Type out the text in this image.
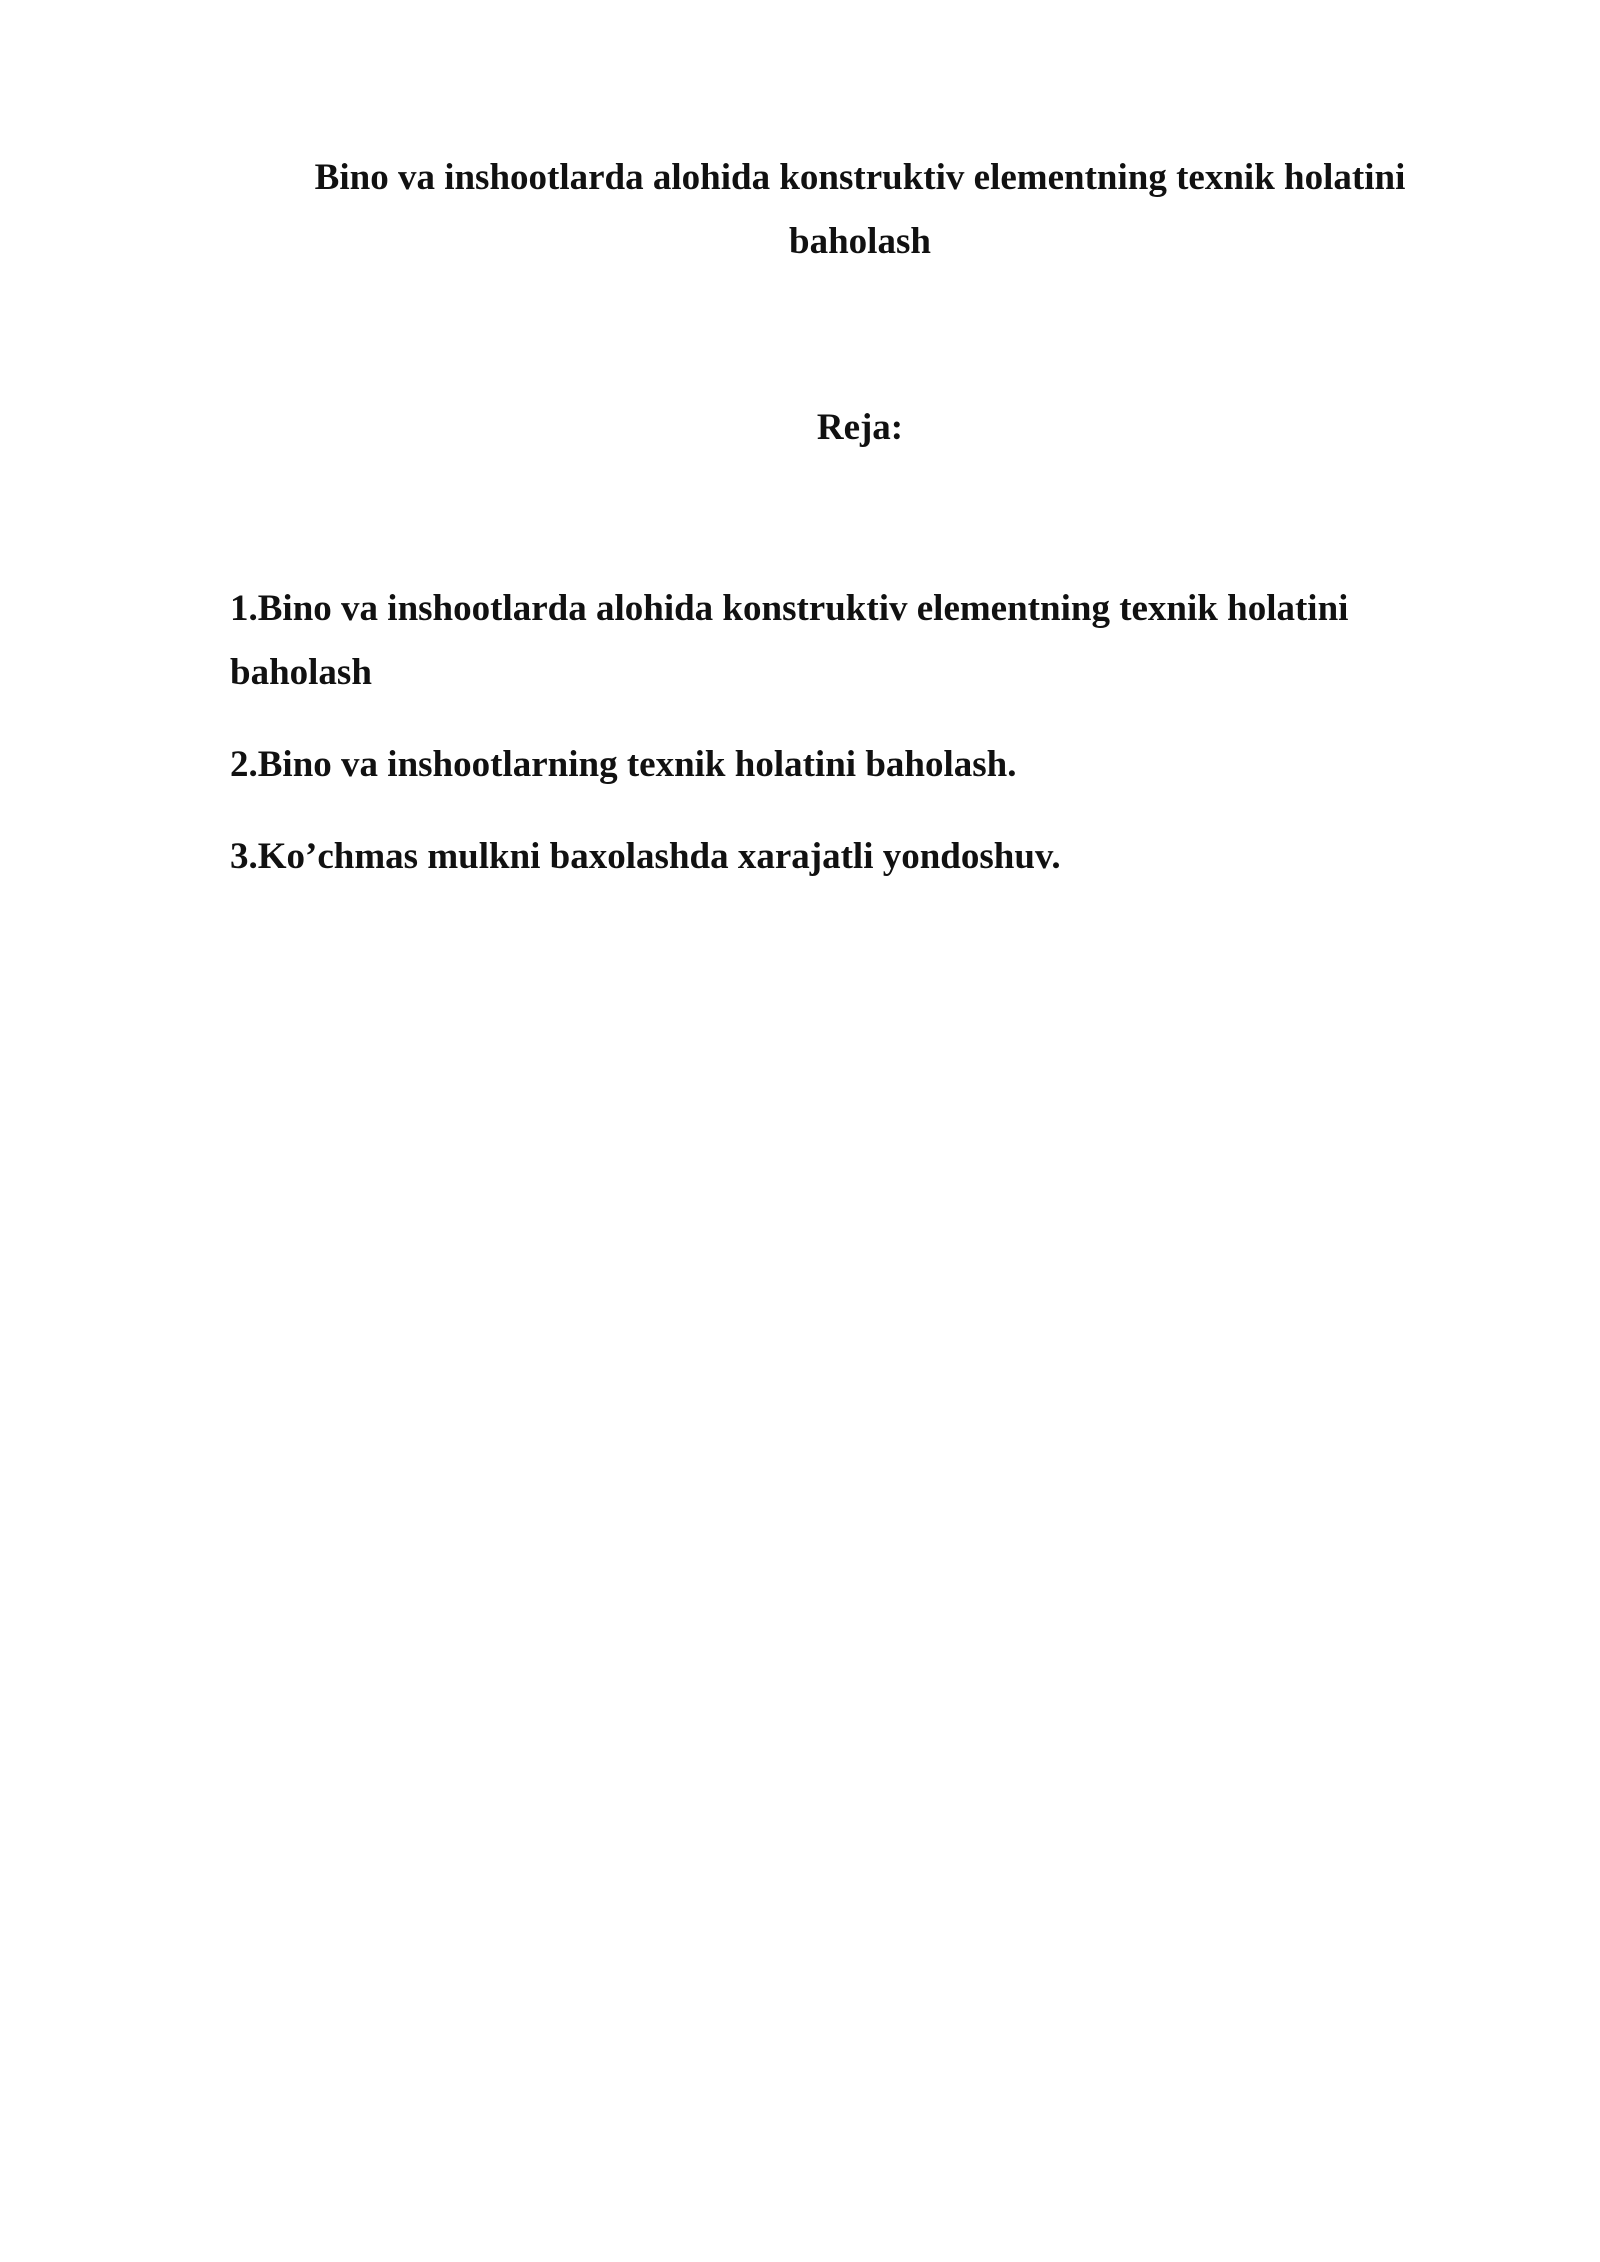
Bino va inshootlarda alohida konstruktiv elementning texnik holatini baholash
Reja:
1.Bino va inshootlarda alohida konstruktiv elementning texnik holatini baholash
2.Bino va inshootlarning texnik holatini baholash.
3.Ko’chmas mulkni baxolashda xarajatli yondoshuv.
